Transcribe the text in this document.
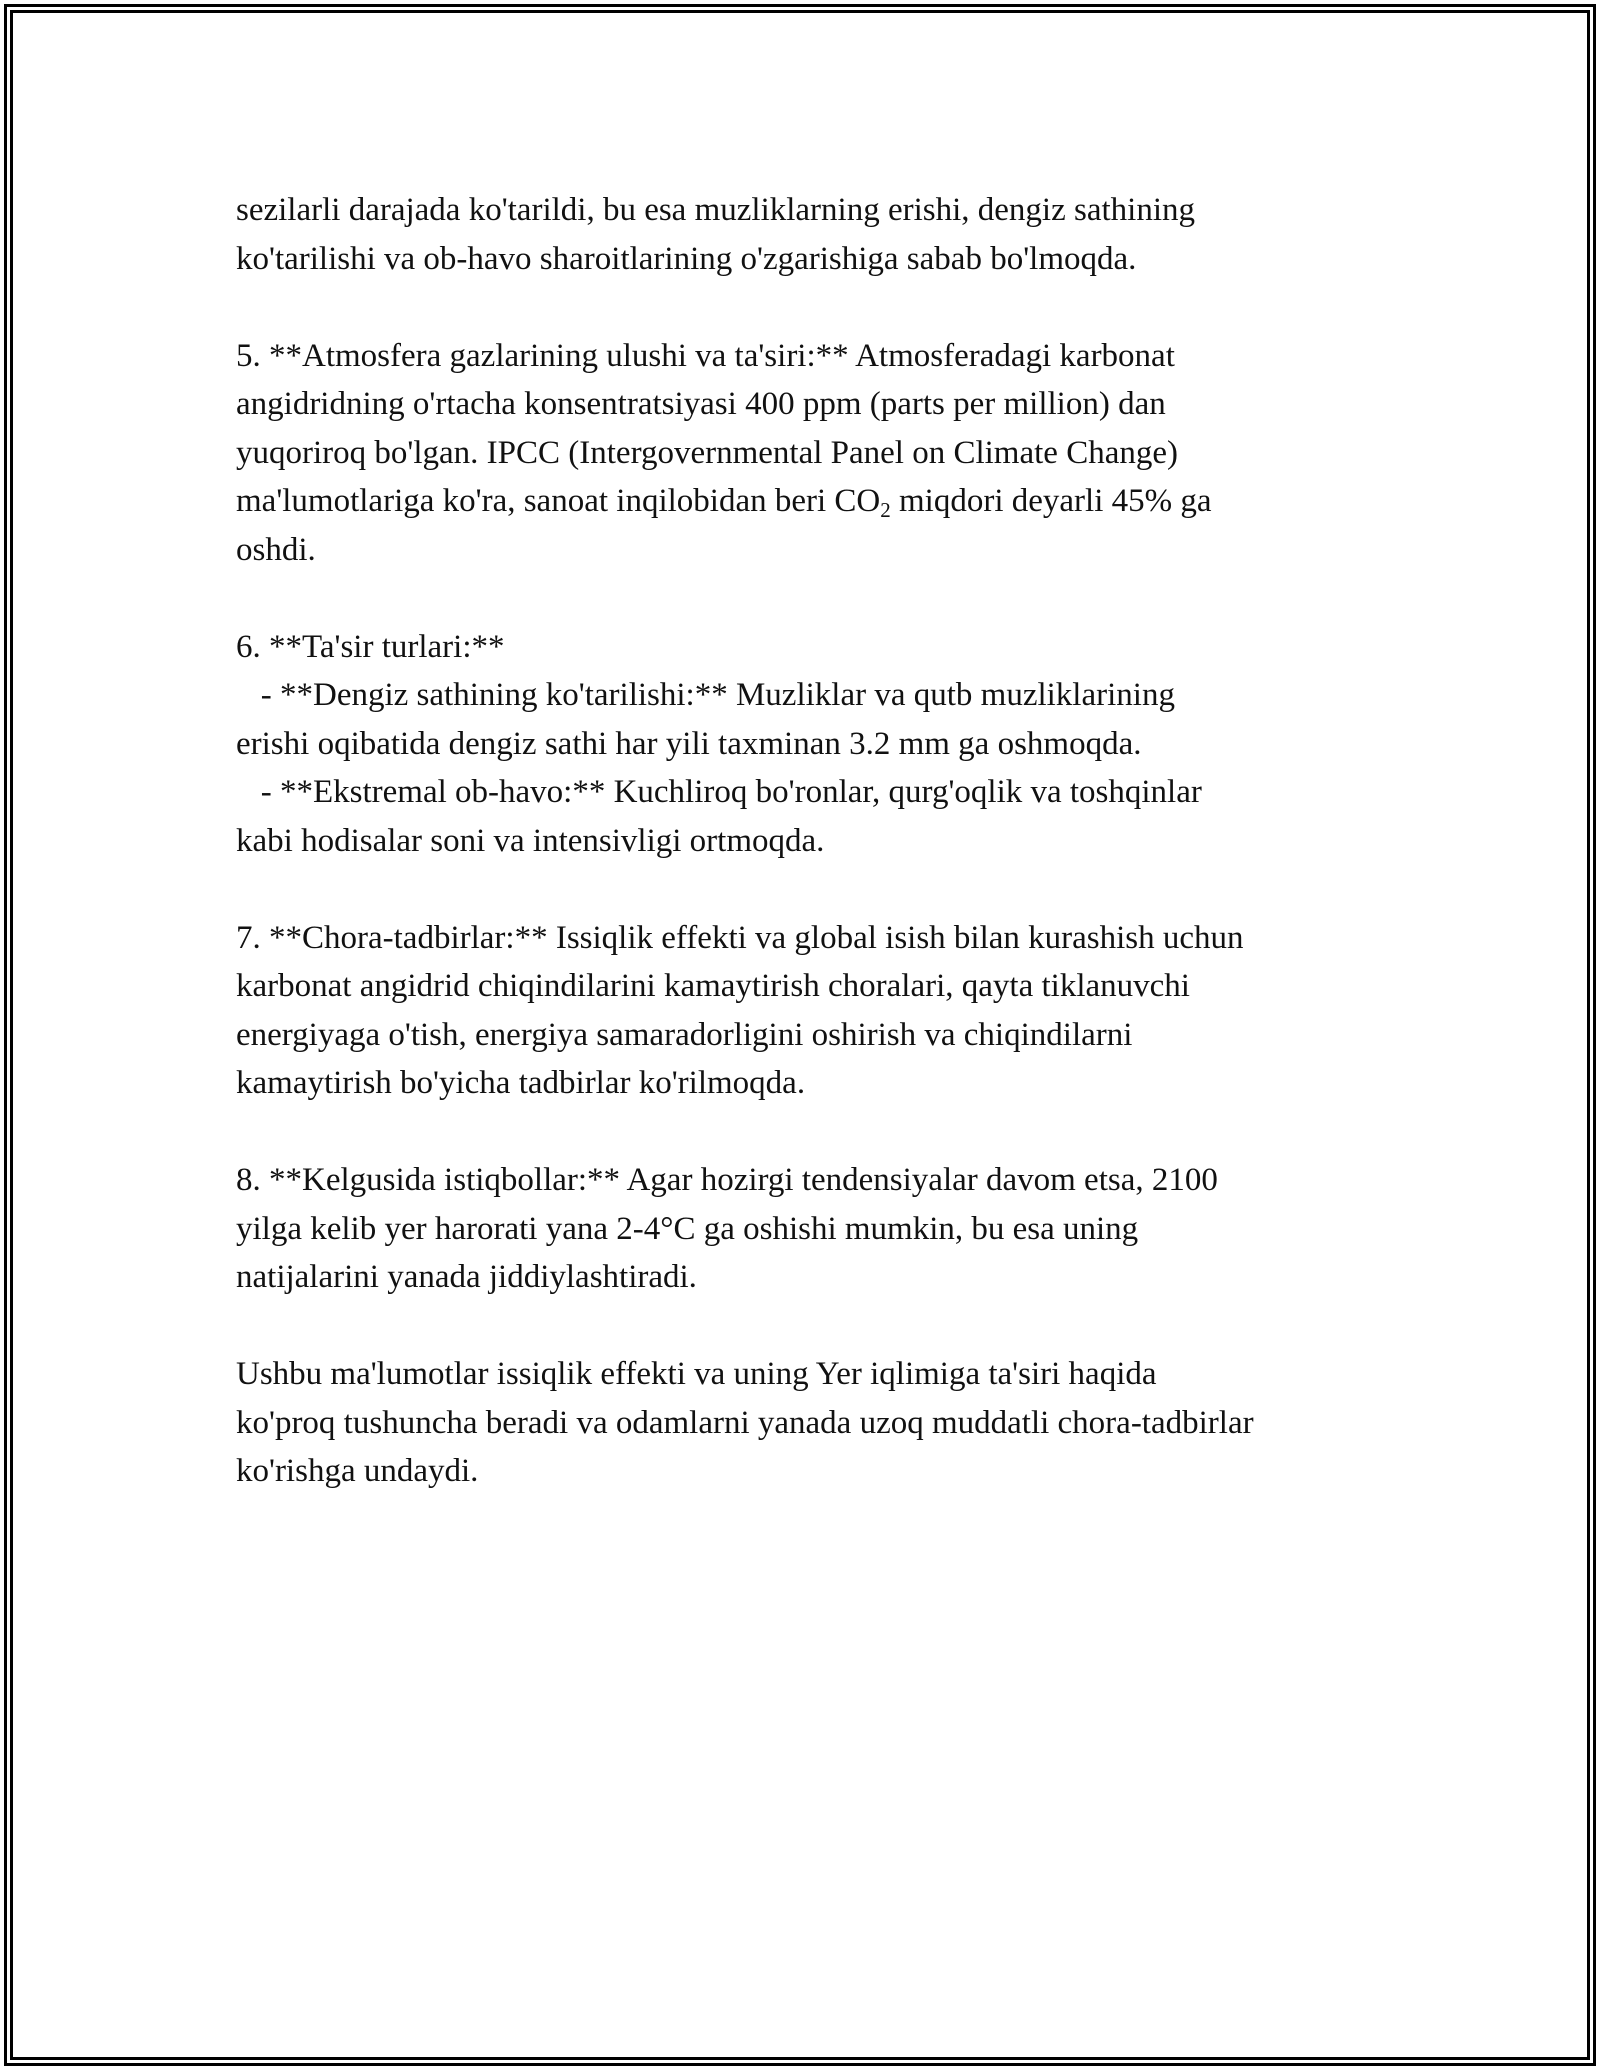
sezilarli darajada ko'tarildi, bu esa muzliklarning erishi, dengiz sathining
ko'tarilishi va ob-havo sharoitlarining o'zgarishiga sabab bo'lmoqda.
5. **Atmosfera gazlarining ulushi va ta'siri:** Atmosferadagi karbonat
angidridning o'rtacha konsentratsiyasi 400 ppm (parts per million) dan
yuqoriroq bo'lgan. IPCC (Intergovernmental Panel on Climate Change)
ma'lumotlariga ko'ra, sanoat inqilobidan beri $CO_2$ miqdori deyarli 45% ga
oshdi.
6. **Ta'sir turlari:**
- **Dengiz sathining ko'tarilishi:** Muzliklar va qutb muzliklarining
erishi oqibatida dengiz sathi har yili taxminan 3.2 mm ga oshmoqda.
- **Ekstremal ob-havo:** Kuchliroq bo'ronlar, qurg'oqlik va toshqinlar
kabi hodisalar soni va intensivligi ortmoqda.
7. **Chora-tadbirlar:** Issiqlik effekti va global isish bilan kurashish uchun
karbonat angidrid chiqindilarini kamaytirish choralari, qayta tiklanuvchi
energiyaga o'tish, energiya samaradorligini oshirish va chiqindilarni
kamaytirish bo'yicha tadbirlar ko'rilmoqda.
8. **Kelgusida istiqbollar:** Agar hozirgi tendensiyalar davom etsa, 2100
yilga kelib yer harorati yana 2-4°C ga oshishi mumkin, bu esa uning
natijalarini yanada jiddiylashtiradi.
Ushbu ma'lumotlar issiqlik effekti va uning Yer iqlimiga ta'siri haqida
ko'proq tushuncha beradi va odamlarni yanada uzoq muddatli chora-tadbirlar
ko'rishga undaydi.
